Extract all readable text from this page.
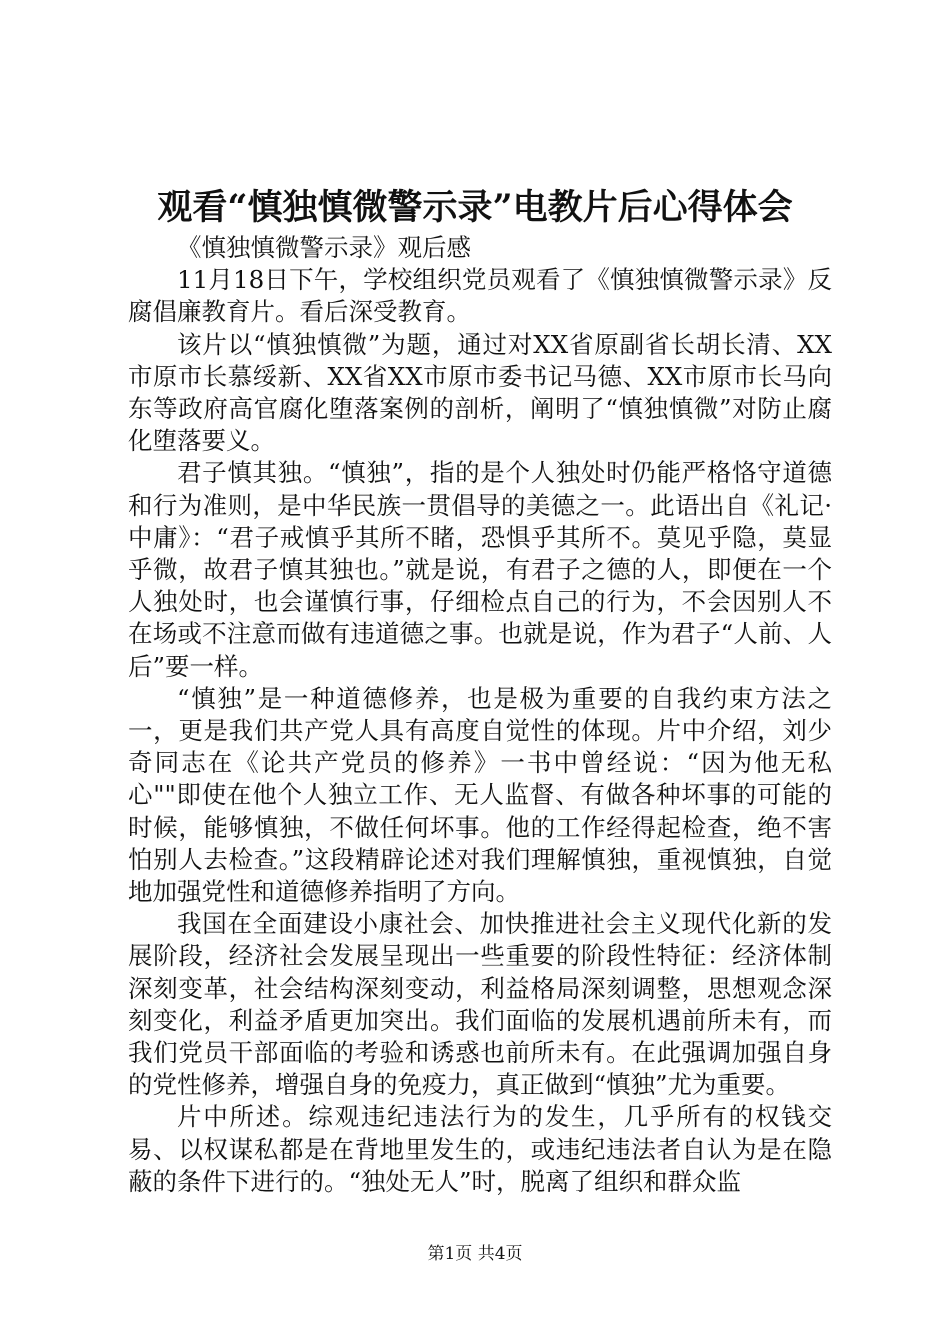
观看“慎独慎微警示录”电教片后心得体会

《慎独慎微警示录》观后感

11月18日下午，学校组织党员观看了《慎独慎微警示录》反腐倡廉教育片。看后深受教育。

该片以“慎独慎微”为题，通过对XX省原副省长胡长清、XX市原市长慕绥新、XX省XX市原市委书记马德、XX市原市长马向东等政府高官腐化堕落案例的剖析，阐明了“慎独慎微”对防止腐化堕落要义。

君子慎其独。“慎独”，指的是个人独处时仍能严格恪守道德和行为准则，是中华民族一贯倡导的美德之一。此语出自《礼记·中庸》：“君子戒慎乎其所不睹，恐惧乎其所不。莫见乎隐，莫显乎微，故君子慎其独也。”就是说，有君子之德的人，即便在一个人独处时，也会谨慎行事，仔细检点自己的行为，不会因别人不在场或不注意而做有违道德之事。也就是说，作为君子“人前、人后”要一样。

“慎独”是一种道德修养，也是极为重要的自我约束方法之一，更是我们共产党人具有高度自觉性的体现。片中介绍，刘少奇同志在《论共产党员的修养》一书中曾经说：“因为他无私心""即使在他个人独立工作、无人监督、有做各种坏事的可能的时候，能够慎独，不做任何坏事。他的工作经得起检查，绝不害怕别人去检查。”这段精辟论述对我们理解慎独，重视慎独，自觉地加强党性和道德修养指明了方向。

我国在全面建设小康社会、加快推进社会主义现代化新的发展阶段，经济社会发展呈现出一些重要的阶段性特征：经济体制深刻变革，社会结构深刻变动，利益格局深刻调整，思想观念深刻变化，利益矛盾更加突出。我们面临的发展机遇前所未有，而我们党员干部面临的考验和诱惑也前所未有。在此强调加强自身的党性修养，增强自身的免疫力，真正做到“慎独”尤为重要。

片中所述。综观违纪违法行为的发生，几乎所有的权钱交易、以权谋私都是在背地里发生的，或违纪违法者自认为是在隐蔽的条件下进行的。“独处无人”时，脱离了组织和群众监

第1页 共4页
